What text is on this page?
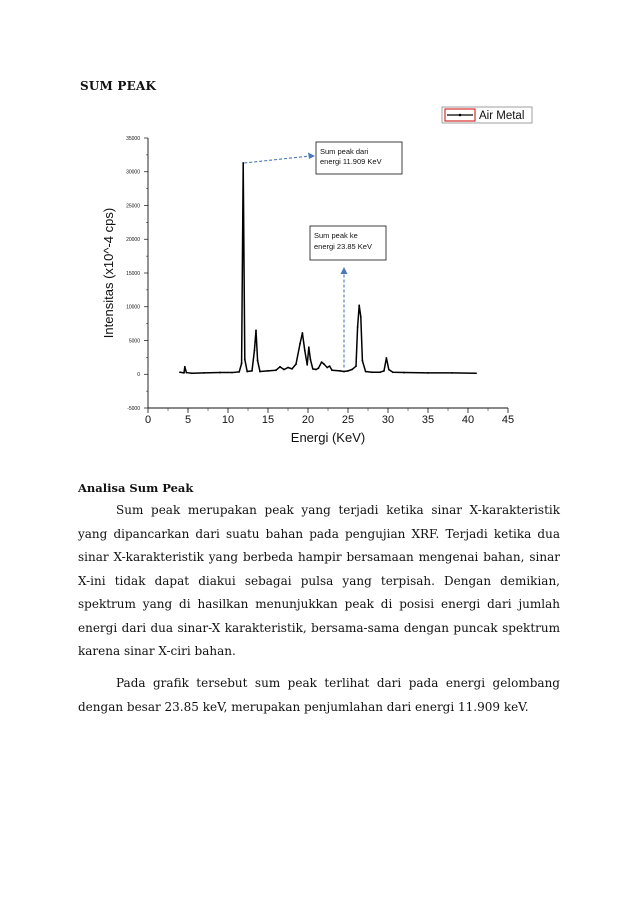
SUM PEAK
Air Metal
-5000
0
5000
10000
15000
20000
25000
30000
35000
0	5	10	15	20	25	30	35	40	45
Sum peak dari
energi 11.909 KeV
Sum peak ke
energi 23.85 KeV
Intensitas (x10^-4 cps)
Energi (KeV)
Analisa Sum Peak

Sum peak merupakan peak yang terjadi ketika sinar X-karakteristik yang dipancarkan dari suatu bahan pada pengujian XRF. Terjadi ketika dua sinar X-karakteristik yang berbeda hampir bersamaan mengenai bahan, sinar X-ini tidak dapat diakui sebagai pulsa yang terpisah. Dengan demikian, spektrum yang di hasilkan menunjukkan peak di posisi energi dari jumlah energi dari dua sinar-X karakteristik, bersama-sama dengan puncak spektrum karena sinar X-ciri bahan.

Pada grafik tersebut sum peak terlihat dari pada energi gelombang dengan besar 23.85 keV, merupakan penjumlahan dari energi 11.909 keV.
